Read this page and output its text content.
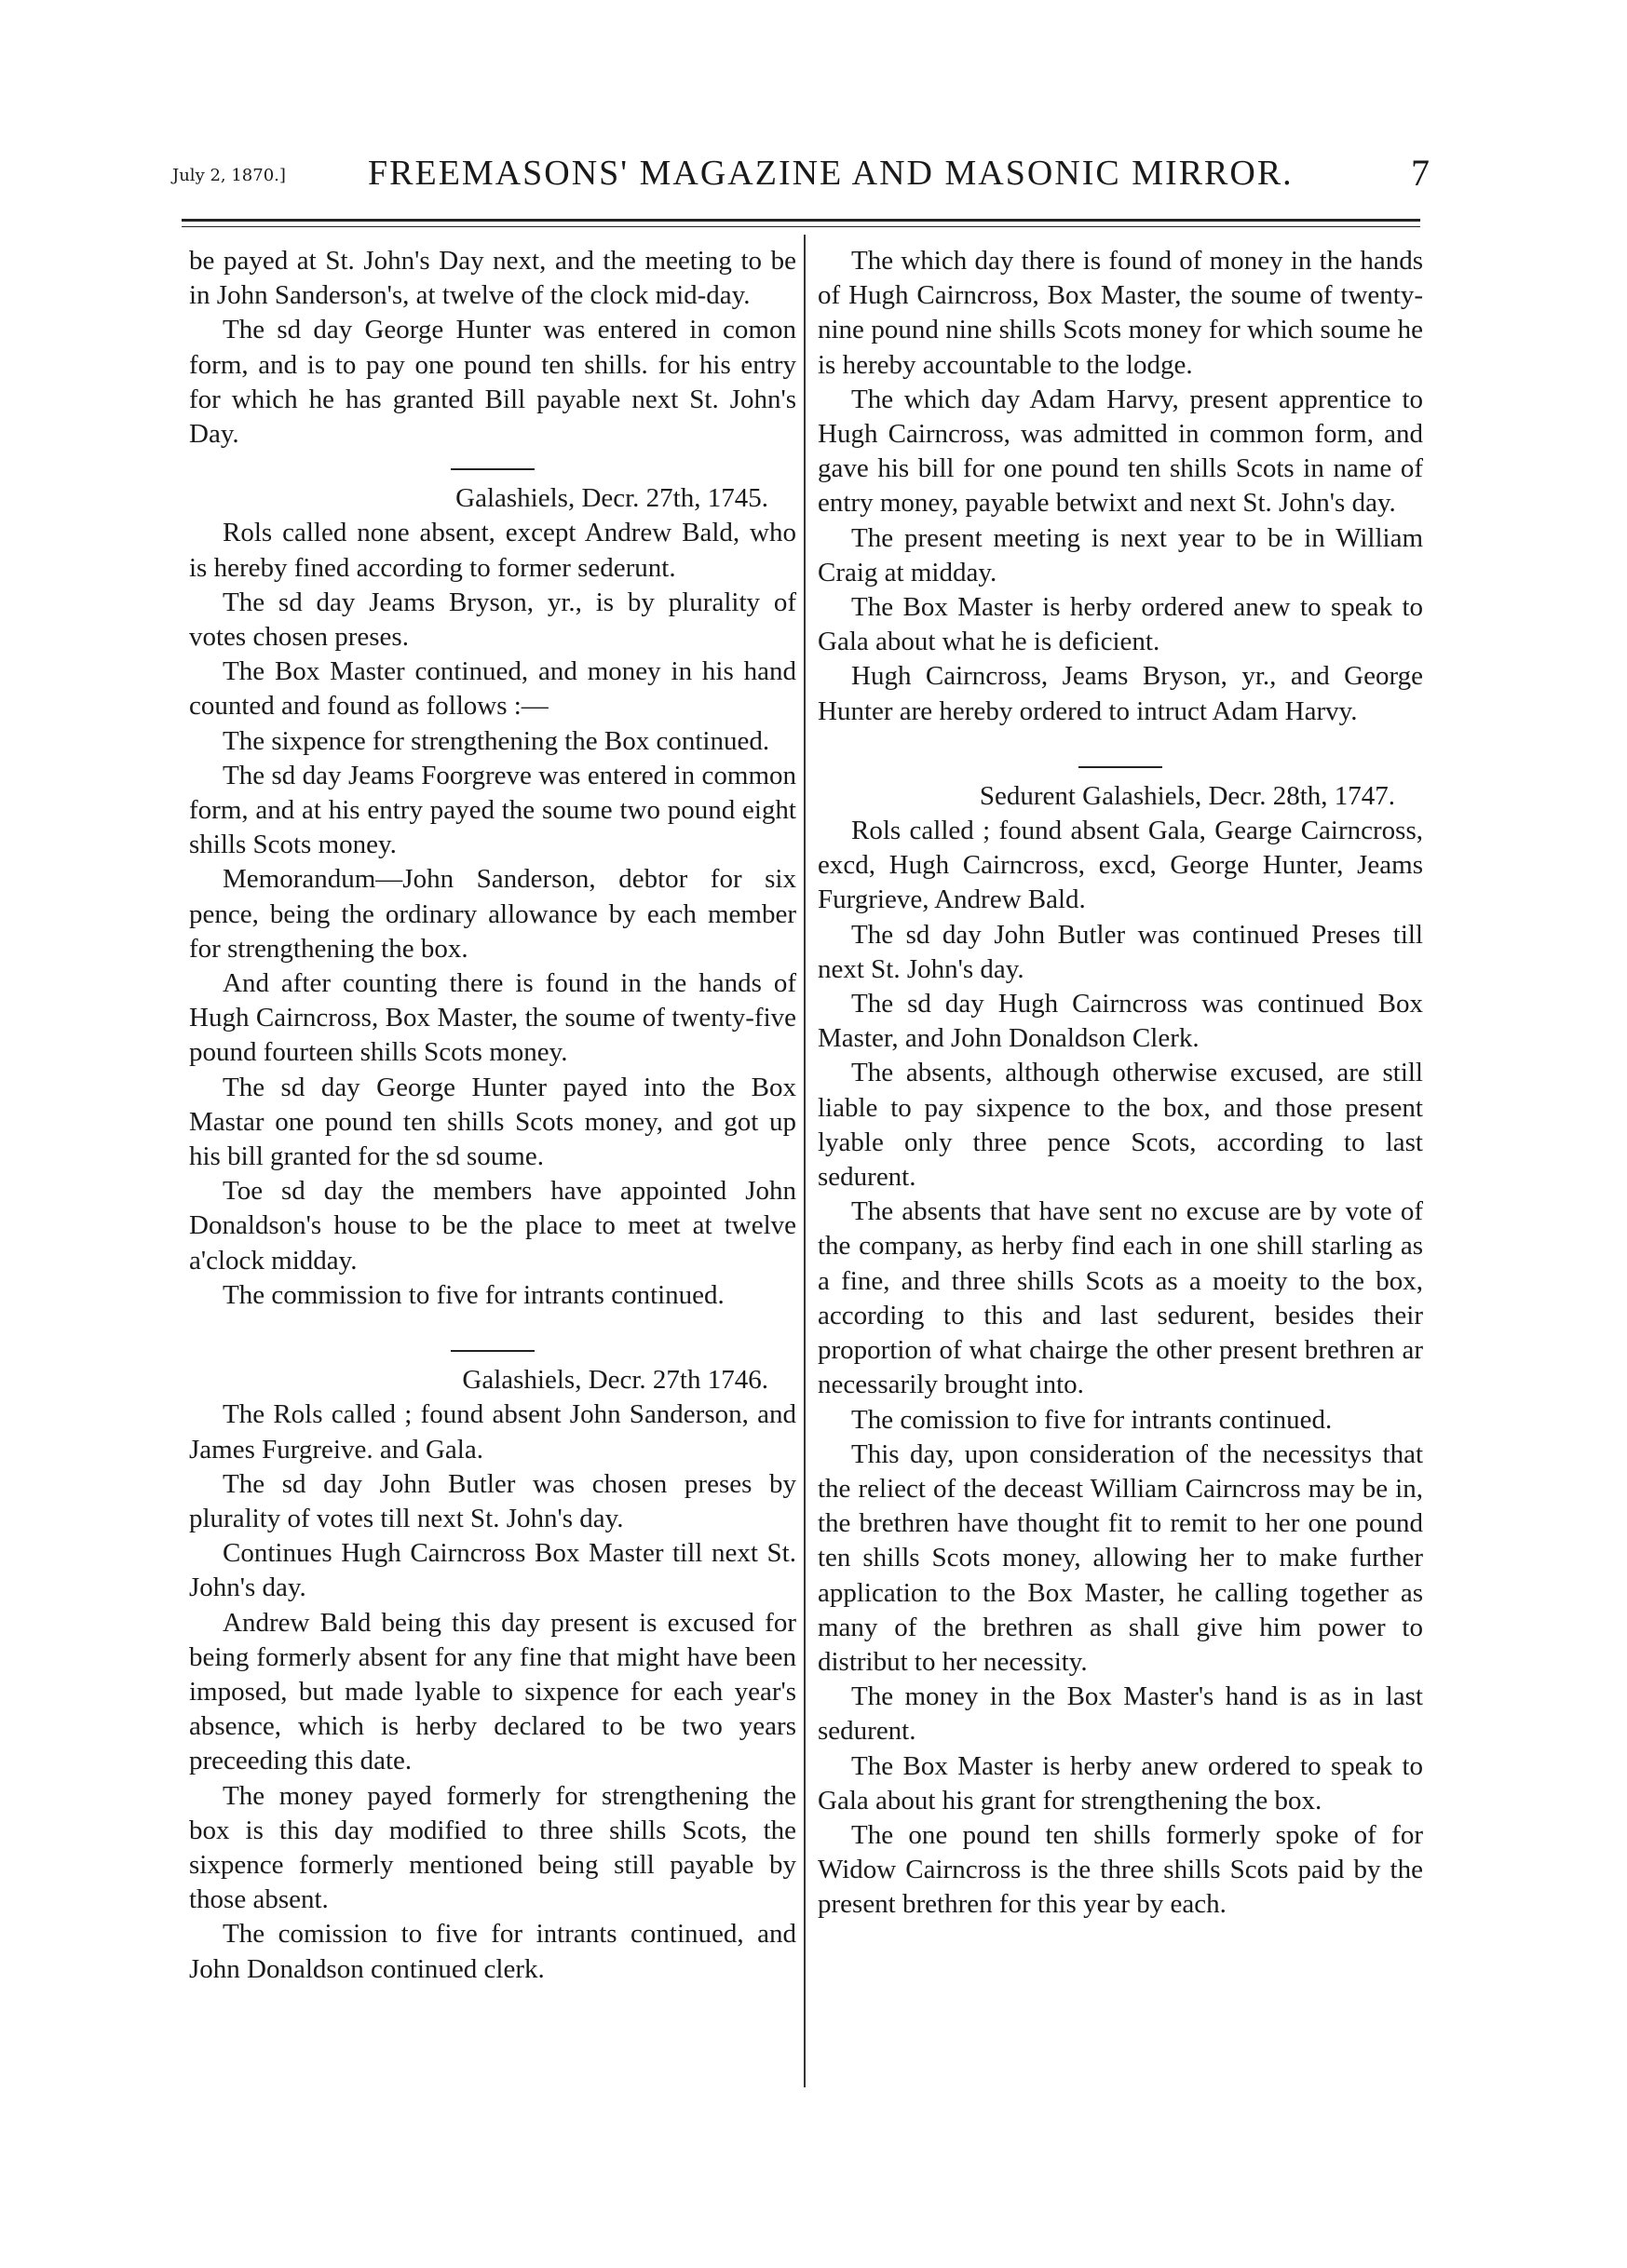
July 2, 1870.] FREEMASONS' MAGAZINE AND MASONIC MIRROR.	7

be payed at St. John's Day next, and the meeting to be in John Sanderson's, at twelve of the clock mid-day.

The sd day George Hunter was entered in comon form, and is to pay one pound ten shills. for his entry for which he has granted Bill payable next St. John's Day.

Galashiels, Decr. 27th, 1745.

Rols called none absent, except Andrew Bald, who is hereby fined according to former sederunt.

The sd day Jeams Bryson, yr., is by plurality of votes chosen preses.

The Box Master continued, and money in his hand counted and found as follows :—

The sixpence for strengthening the Box continued.

The sd day Jeams Foorgreve was entered in common form, and at his entry payed the soume two pound eight shills Scots money.

Memorandum—John Sanderson, debtor for six pence, being the ordinary allowance by each member for strengthening the box.

And after counting there is found in the hands of Hugh Cairncross, Box Master, the soume of twenty-five pound fourteen shills Scots money.

The sd day George Hunter payed into the Box Mastar one pound ten shills Scots money, and got up his bill granted for the sd soume.

Toe sd day the members have appointed John Donaldson's house to be the place to meet at twelve a'clock midday.

The commission to five for intrants continued.

Galashiels, Decr. 27th 1746.

The Rols called ; found absent John Sanderson, and James Furgreive. and Gala.

The sd day John Butler was chosen preses by plurality of votes till next St. John's day.

Continues Hugh Cairncross Box Master till next St. John's day.

Andrew Bald being this day present is excused for being formerly absent for any fine that might have been imposed, but made lyable to sixpence for each year's absence, which is herby declared to be two years preceeding this date.

The money payed formerly for strengthening the box is this day modified to three shills Scots, the sixpence formerly mentioned being still payable by those absent.

The comission to five for intrants continued, and John Donaldson continued clerk.

The which day there is found of money in the hands of Hugh Cairncross, Box Master, the soume of twenty-nine pound nine shills Scots money for which soume he is hereby accountable to the lodge.

The which day Adam Harvy, present apprentice to Hugh Cairncross, was admitted in common form, and gave his bill for one pound ten shills Scots in name of entry money, payable betwixt and next St. John's day.

The present meeting is next year to be in William Craig at midday.

The Box Master is herby ordered anew to speak to Gala about what he is deficient.

Hugh Cairncross, Jeams Bryson, yr., and George Hunter are hereby ordered to intruct Adam Harvy.

Sedurent Galashiels, Decr. 28th, 1747.

Rols called ; found absent Gala, Gearge Cairncross, excd, Hugh Cairncross, excd, George Hunter, Jeams Furgrieve, Andrew Bald.

The sd day John Butler was continued Preses till next St. John's day.

The sd day Hugh Cairncross was continued Box Master, and John Donaldson Clerk.

The absents, although otherwise excused, are still liable to pay sixpence to the box, and those present lyable only three pence Scots, according to last sedurent.

The absents that have sent no excuse are by vote of the company, as herby find each in one shill starling as a fine, and three shills Scots as a moeity to the box, according to this and last sedurent, besides their proportion of what chairge the other present brethren ar necessarily brought into.

The comission to five for intrants continued.

This day, upon consideration of the necessitys that the reliect of the deceast William Cairncross may be in, the brethren have thought fit to remit to her one pound ten shills Scots money, allowing her to make further application to the Box Master, he calling together as many of the brethren as shall give him power to distribut to her necessity.

The money in the Box Master's hand is as in last sedurent.

The Box Master is herby anew ordered to speak to Gala about his grant for strengthening the box.

The one pound ten shills formerly spoke of for Widow Cairncross is the three shills Scots paid by the present brethren for this year by each.
